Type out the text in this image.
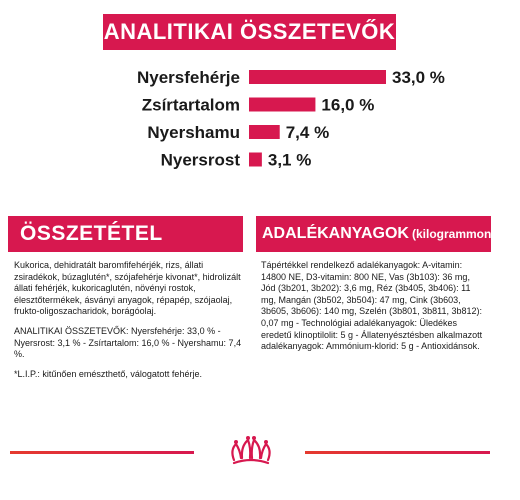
ANALITIKAI ÖSSZETEVŐK
Nyersfehérje	33,0 %
Zsírtartalom	16,0 %
Nyershamu	7,4 %
Nyersrost 3,1 %
ÖSSZETÉTEL	ADALÉKANYAGOK (kilogrammonként)

Kukorica, dehidratált baromfifehérjék, rizs, állati zsiradékok, búzaglutén*, szójafehérje kivonat*, hidrolizált állati fehérjék, kukoricaglutén, növényi rostok, élesztőtermékek, ásványi anyagok, répapép, szójaolaj, frukto-oligoszacharidok, borágóolaj.

ANALITIKAI ÖSSZETEVŐK: Nyersfehérje: 33,0 % - Nyersrost: 3,1 % - Zsírtartalom: 16,0 % - Nyershamu: 7,4 %.

*L.I.P.: kitűnően emészthető, válogatott fehérje.

Tápértékkel rendelkező adalékanyagok: A-vitamin: 14800 NE, D3-vitamin: 800 NE, Vas (3b103): 36 mg, Jód (3b201, 3b202): 3,6 mg, Réz (3b405, 3b406): 11 mg, Mangán (3b502, 3b504): 47 mg, Cink (3b603, 3b605, 3b606): 140 mg, Szelén (3b801, 3b811, 3b812): 0,07 mg - Technológiai adalékanyagok: Üledékes eredetű klinoptilolit: 5 g - Állatenyésztésben alkalmazott adalékanyagok: Ammónium-klorid: 5 g - Antioxidánsok.
